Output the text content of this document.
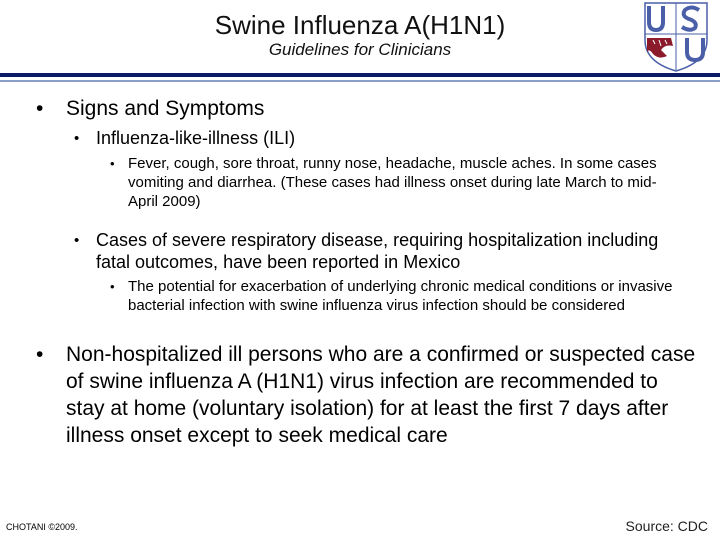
Swine Influenza A(H1N1)
Guidelines for Clinicians
• Signs and Symptoms
• Influenza-like-illness (ILI)
• Fever, cough, sore throat, runny nose, headache, muscle aches. In some cases vomiting and diarrhea. (These cases had illness onset during late March to mid-April 2009)
• Cases of severe respiratory disease, requiring hospitalization including fatal outcomes, have been reported in Mexico
• The potential for exacerbation of underlying chronic medical conditions or invasive bacterial infection with swine influenza virus infection should be considered
• Non-hospitalized ill persons who are a confirmed or suspected case of swine influenza A (H1N1) virus infection are recommended to stay at home (voluntary isolation) for at least the first 7 days after illness onset except to seek medical care
CHOTANI ©2009.	Source: CDC
